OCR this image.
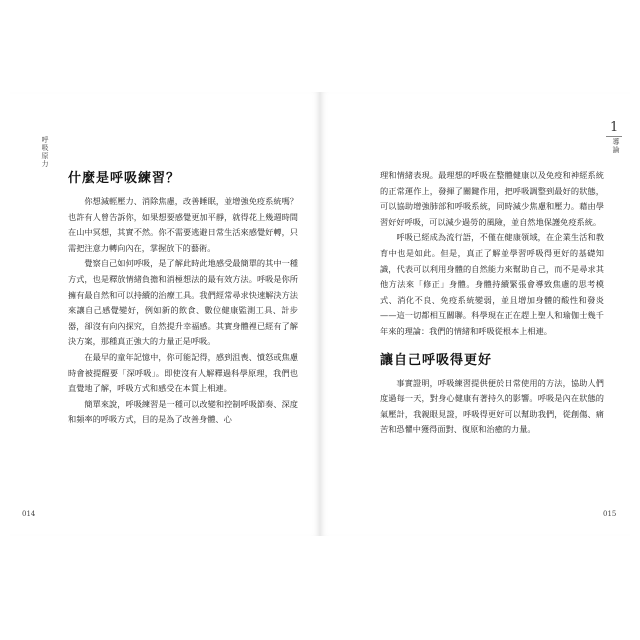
呼吸原力
什麼是呼吸練習？

你想減輕壓力、消除焦慮，改善睡眠，並增強免疫系統嗎？也許有人曾告訴你，如果想要感覺更加平靜，就得花上幾週時間在山中冥想，其實不然。你不需要逃避日常生活來感覺好轉，只需把注意力轉向內在，掌握放下的藝術。

覺察自己如何呼吸，是了解此時此地感受最簡單的其中一種方式，也是釋放情緒負擔和消極想法的最有效方法。呼吸是你所擁有最自然和可以持續的治療工具。我們經常尋求快速解決方法來讓自己感覺變好，例如新的飲食、數位健康監測工具、計步器，卻沒有向內探究，自然提升幸福感。其實身體裡已經有了解決方案，那種真正強大的力量正是呼吸。

在最早的童年記憶中，你可能記得，感到沮喪、憤怒或焦慮時會被提醒要「深呼吸」。即使沒有人解釋過科學原理，我們也直覺地了解，呼吸方式和感受在本質上相連。

簡單來說，呼吸練習是一種可以改變和控制呼吸節奏、深度和頻率的呼吸方式，目的是為了改善身體、心

014
1
導論

理和情緒表現。最理想的呼吸在整體健康以及免疫和神經系統的正常運作上，發揮了關鍵作用，把呼吸調整到最好的狀態，可以協助增強肺部和呼吸系統，同時減少焦慮和壓力。藉由學習好好呼吸，可以減少過勞的風險，並自然地保護免疫系統。

呼吸已經成為流行語，不僅在健康領域，在企業生活和教育中也是如此。但是，真正了解並學習呼吸得更好的基礎知識，代表可以利用身體的自然能力來幫助自己，而不是尋求其他方法來「修正」身體。身體持續緊張會導致焦慮的思考模式、消化不良、免疫系統變弱，並且增加身體的酸性和發炎——這一切都相互關聯。科學現在正在趕上聖人和瑜伽士幾千年來的理論：我們的情緒和呼吸從根本上相連。

讓自己呼吸得更好

事實證明，呼吸練習提供便於日常使用的方法，協助人們度過每一天，對身心健康有著持久的影響。呼吸是內在狀態的氣壓計，我親眼見證，呼吸得更好可以幫助我們，從創傷、痛苦和恐懼中獲得面對、復原和治癒的力量。

015
